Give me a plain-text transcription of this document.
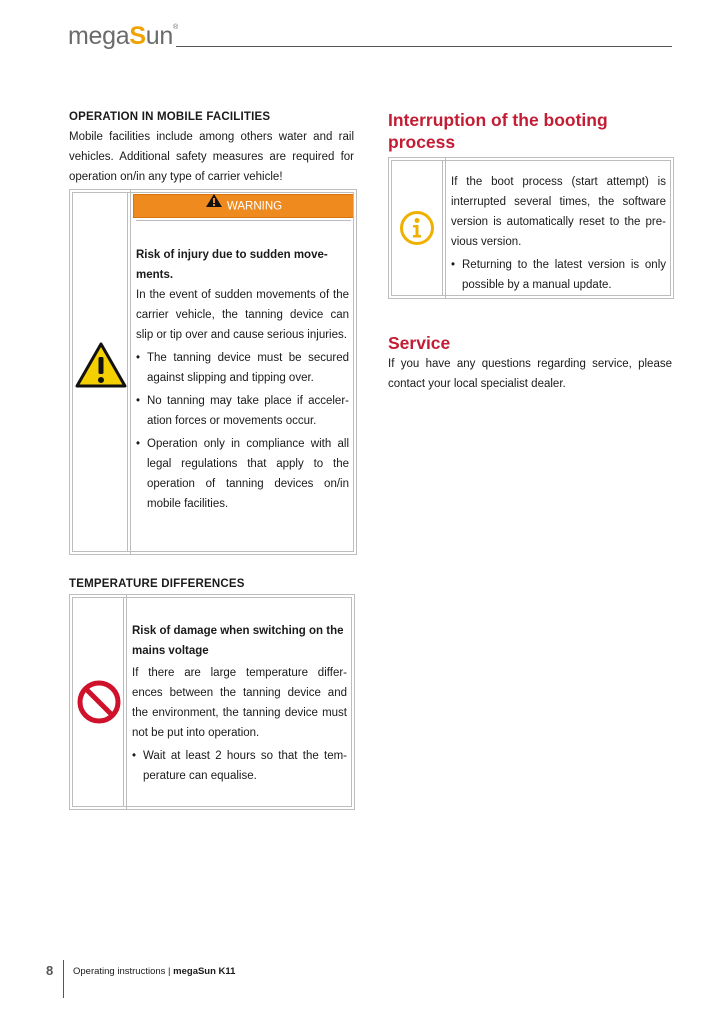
megaSun®
OPERATION IN MOBILE FACILITIES
Mobile facilities include among others water and rail vehicles. Additional safety measures are required for operation on/in any type of carrier vehicle!
WARNING
Risk of injury due to sudden move- ments.
In the event of sudden movements of the carrier vehicle, the tanning device can slip or tip over and cause serious injuries.
• The tanning device must be secured against slipping and tipping over.
• No tanning may take place if acceler- ation forces or movements occur.
• Operation only in compliance with all legal regulations that apply to the operation of tanning devices on/in mobile facilities.
TEMPERATURE DIFFERENCES
Risk of damage when switching on the mains voltage
If there are large temperature differ- ences between the tanning device and the environment, the tanning device must not be put into operation.
• Wait at least 2 hours so that the tem- perature can equalise.
Interruption of the booting
process
If the boot process (start attempt) is interrupted several times, the software version is automatically reset to the pre- vious version.
• Returning to the latest version is only possible by a manual update.
Service
If you have any questions regarding service, please contact your local specialist dealer.
8 Operating instructions | megaSun K11
